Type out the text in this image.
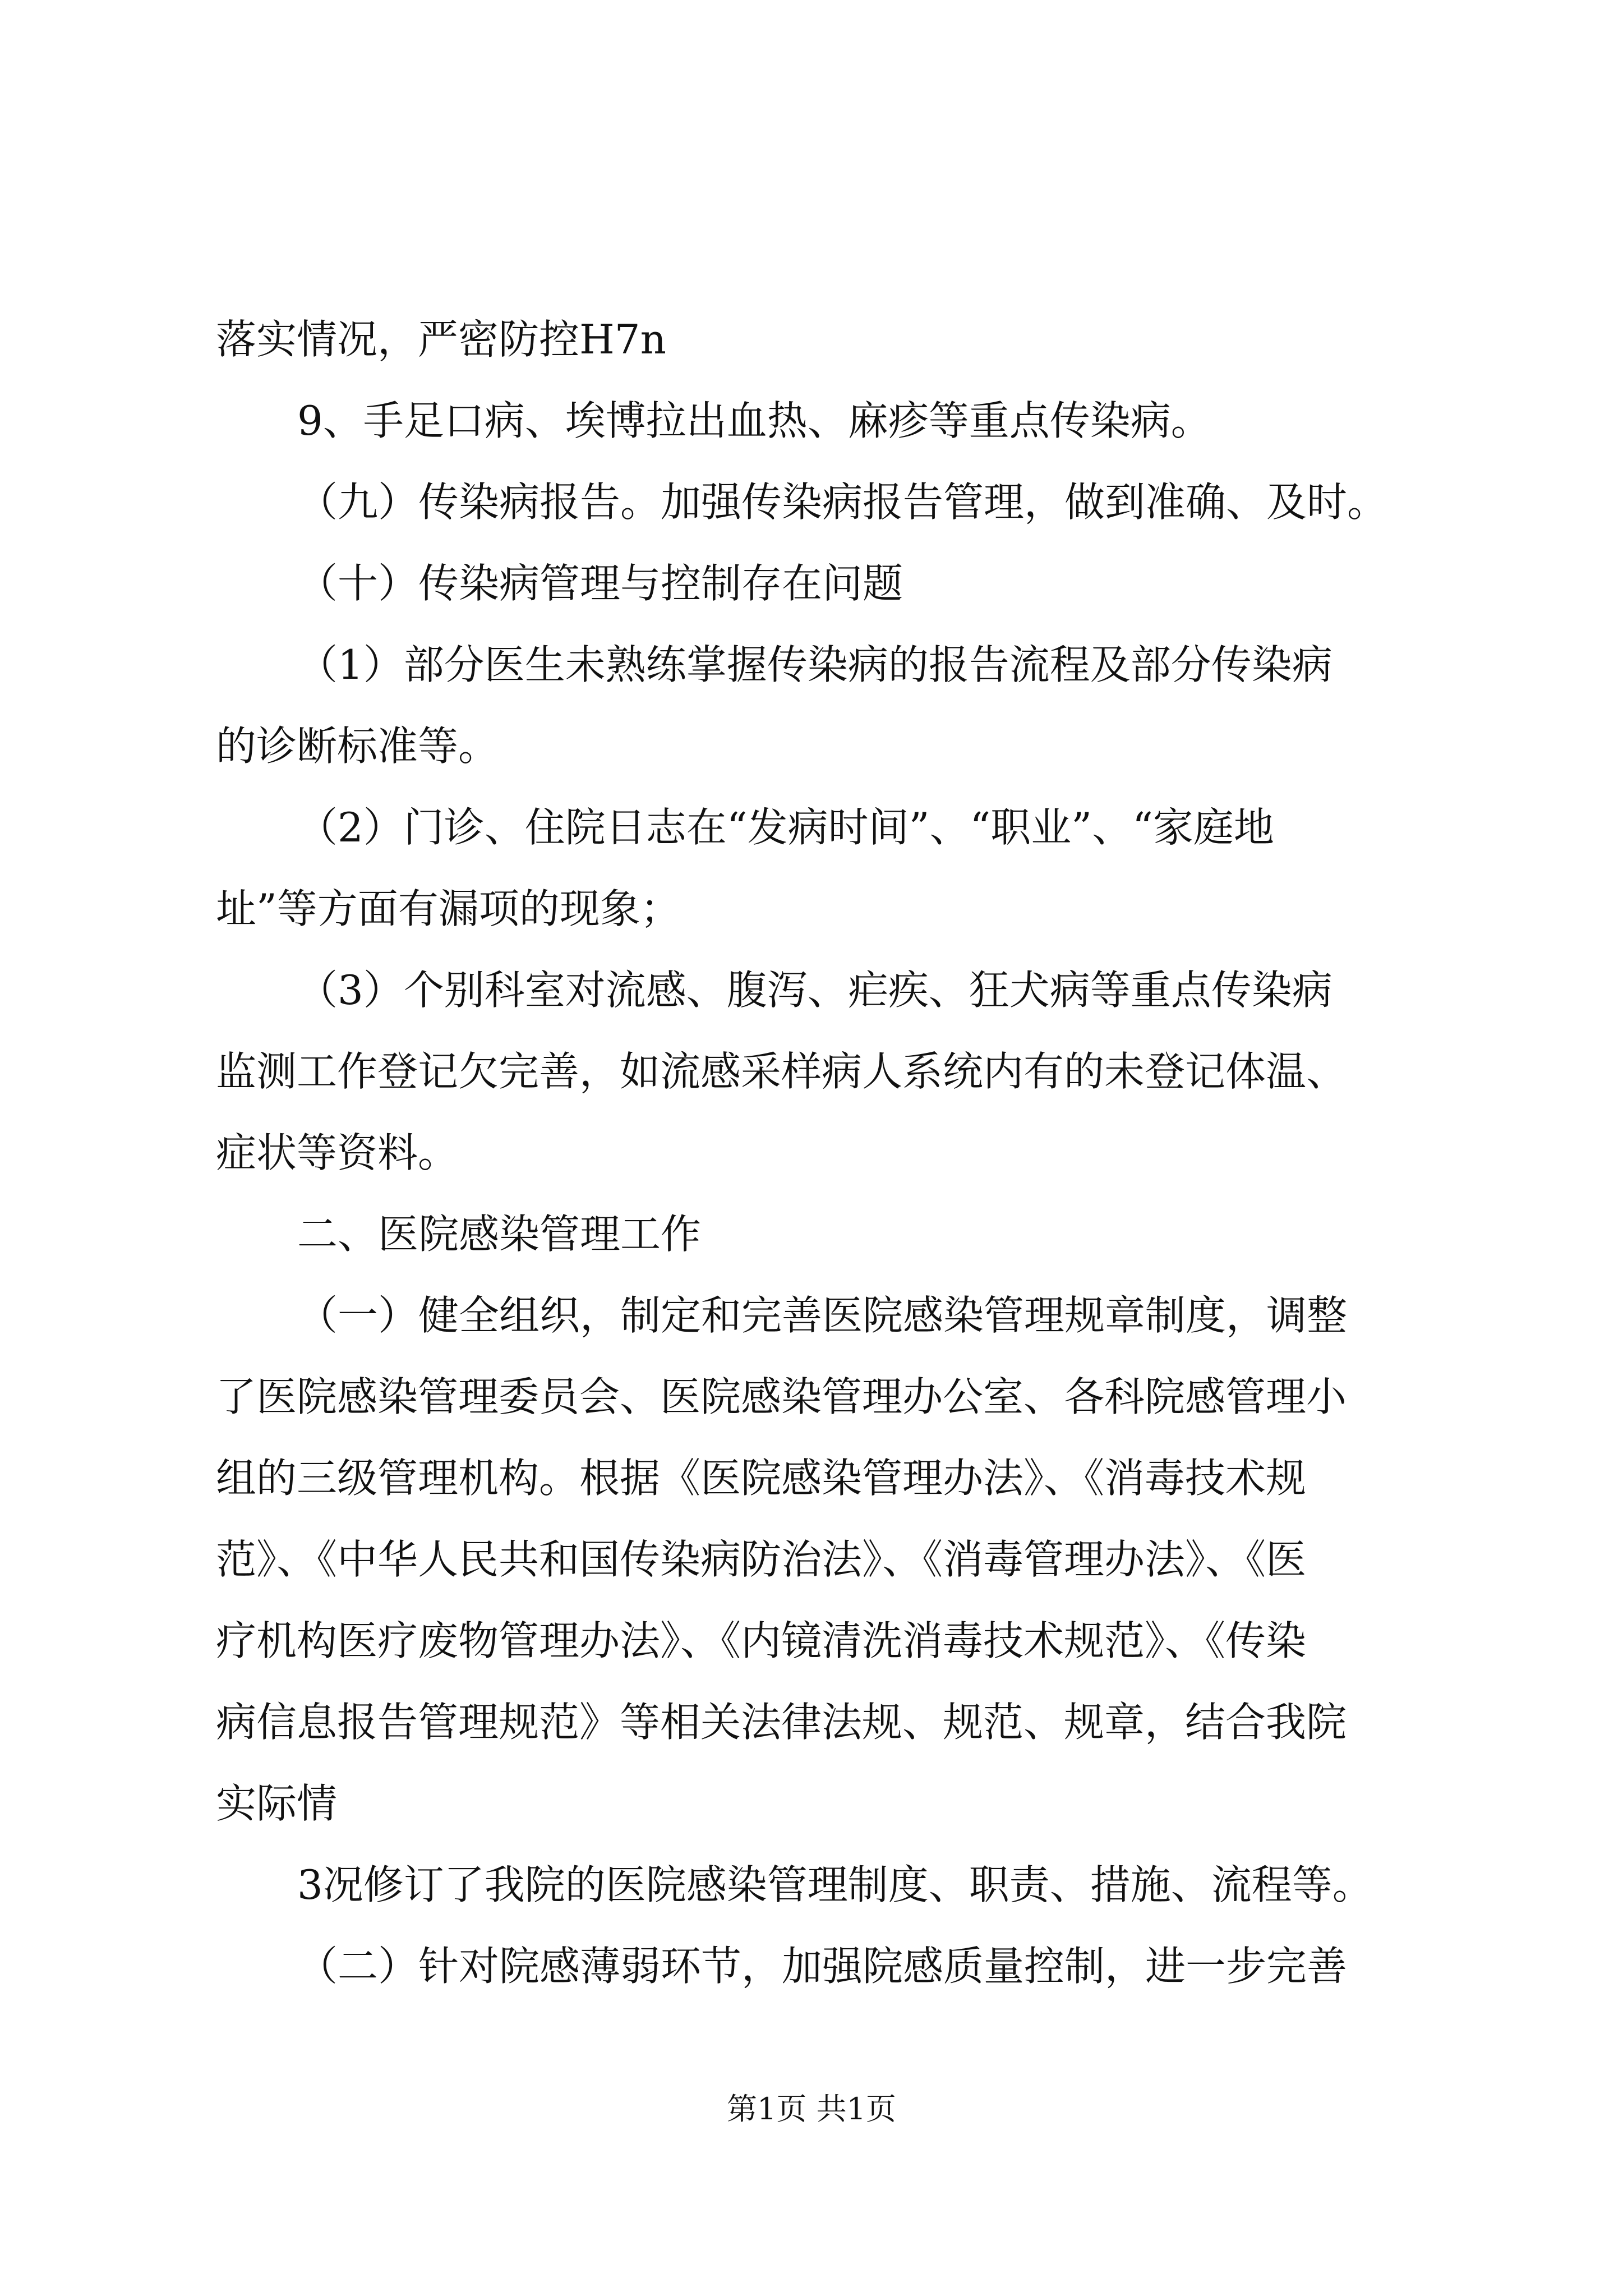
落实情况，严密防控H7n
9、手足口病、埃博拉出血热、麻疹等重点传染病。
（九）传染病报告。加强传染病报告管理，做到准确、及时。
（十）传染病管理与控制存在问题
（1）部分医生未熟练掌握传染病的报告流程及部分传染病
的诊断标准等。
（2）门诊、住院日志在“发病时间”、“职业”、“家庭地
址”等方面有漏项的现象；
（3）个别科室对流感、腹泻、疟疾、狂犬病等重点传染病
监测工作登记欠完善，如流感采样病人系统内有的未登记体温、
症状等资料。
二、医院感染管理工作
（一）健全组织，制定和完善医院感染管理规章制度，调整
了医院感染管理委员会、医院感染管理办公室、各科院感管理小
组的三级管理机构。根据《医院感染管理办法》、《消毒技术规
范》、《中华人民共和国传染病防治法》、《消毒管理办法》、《医
疗机构医疗废物管理办法》、《内镜清洗消毒技术规范》、《传染
病信息报告管理规范》等相关法律法规、规范、规章，结合我院
实际情
3况修订了我院的医院感染管理制度、职责、措施、流程等。
（二）针对院感薄弱环节，加强院感质量控制，进一步完善
第1页 共1页
